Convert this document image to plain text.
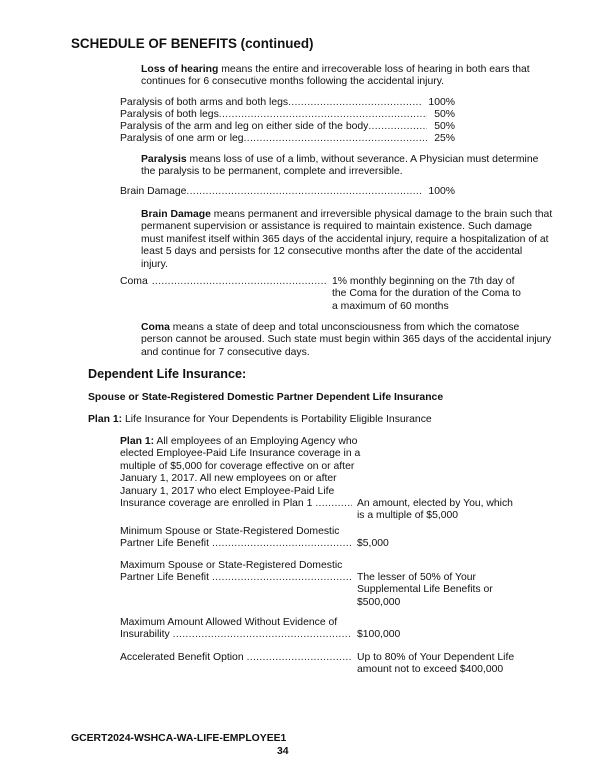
SCHEDULE OF BENEFITS (continued)
Loss of hearing means the entire and irrecoverable loss of hearing in both ears that
continues for 6 consecutive months following the accidental injury.
Paralysis of both arms and both legs .....	100%
Paralysis of both legs .....	50%
Paralysis of the arm and leg on either side of the body .....	50%
Paralysis of one arm or leg .....	25%
Paralysis means loss of use of a limb, without severance. A Physician must determine
the paralysis to be permanent, complete and irreversible.
Brain Damage .....	100%
Brain Damage means permanent and irreversible physical damage to the brain such that
permanent supervision or assistance is required to maintain existence. Such damage
must manifest itself within 365 days of the accidental injury, require a hospitalization of at
least 5 days and persists for 12 consecutive months after the date of the accidental
injury.
Coma .....	1% monthly beginning on the 7th day of
the Coma for the duration of the Coma to
a maximum of 60 months
Coma means a state of deep and total unconsciousness from which the comatose
person cannot be aroused. Such state must begin within 365 days of the accidental injury
and continue for 7 consecutive days.
Dependent Life Insurance:
Spouse or State-Registered Domestic Partner Dependent Life Insurance
Plan 1: Life Insurance for Your Dependents is Portability Eligible Insurance
Plan 1: All employees of an Employing Agency who
elected Employee-Paid Life Insurance coverage in a
multiple of $5,000 for coverage effective on or after
January 1, 2017. All new employees on or after
January 1, 2017 who elect Employee-Paid Life
Insurance coverage are enrolled in Plan 1 .....	An amount, elected by You, which
is a multiple of $5,000
Minimum Spouse or State-Registered Domestic
Partner Life Benefit .....	$5,000
Maximum Spouse or State-Registered Domestic
Partner Life Benefit .....	The lesser of 50% of Your
Supplemental Life Benefits or
$500,000
Maximum Amount Allowed Without Evidence of
Insurability .....	$100,000
Accelerated Benefit Option .....	Up to 80% of Your Dependent Life
amount not to exceed $400,000
GCERT2024-WSHCA-WA-LIFE-EMPLOYEE1
34
